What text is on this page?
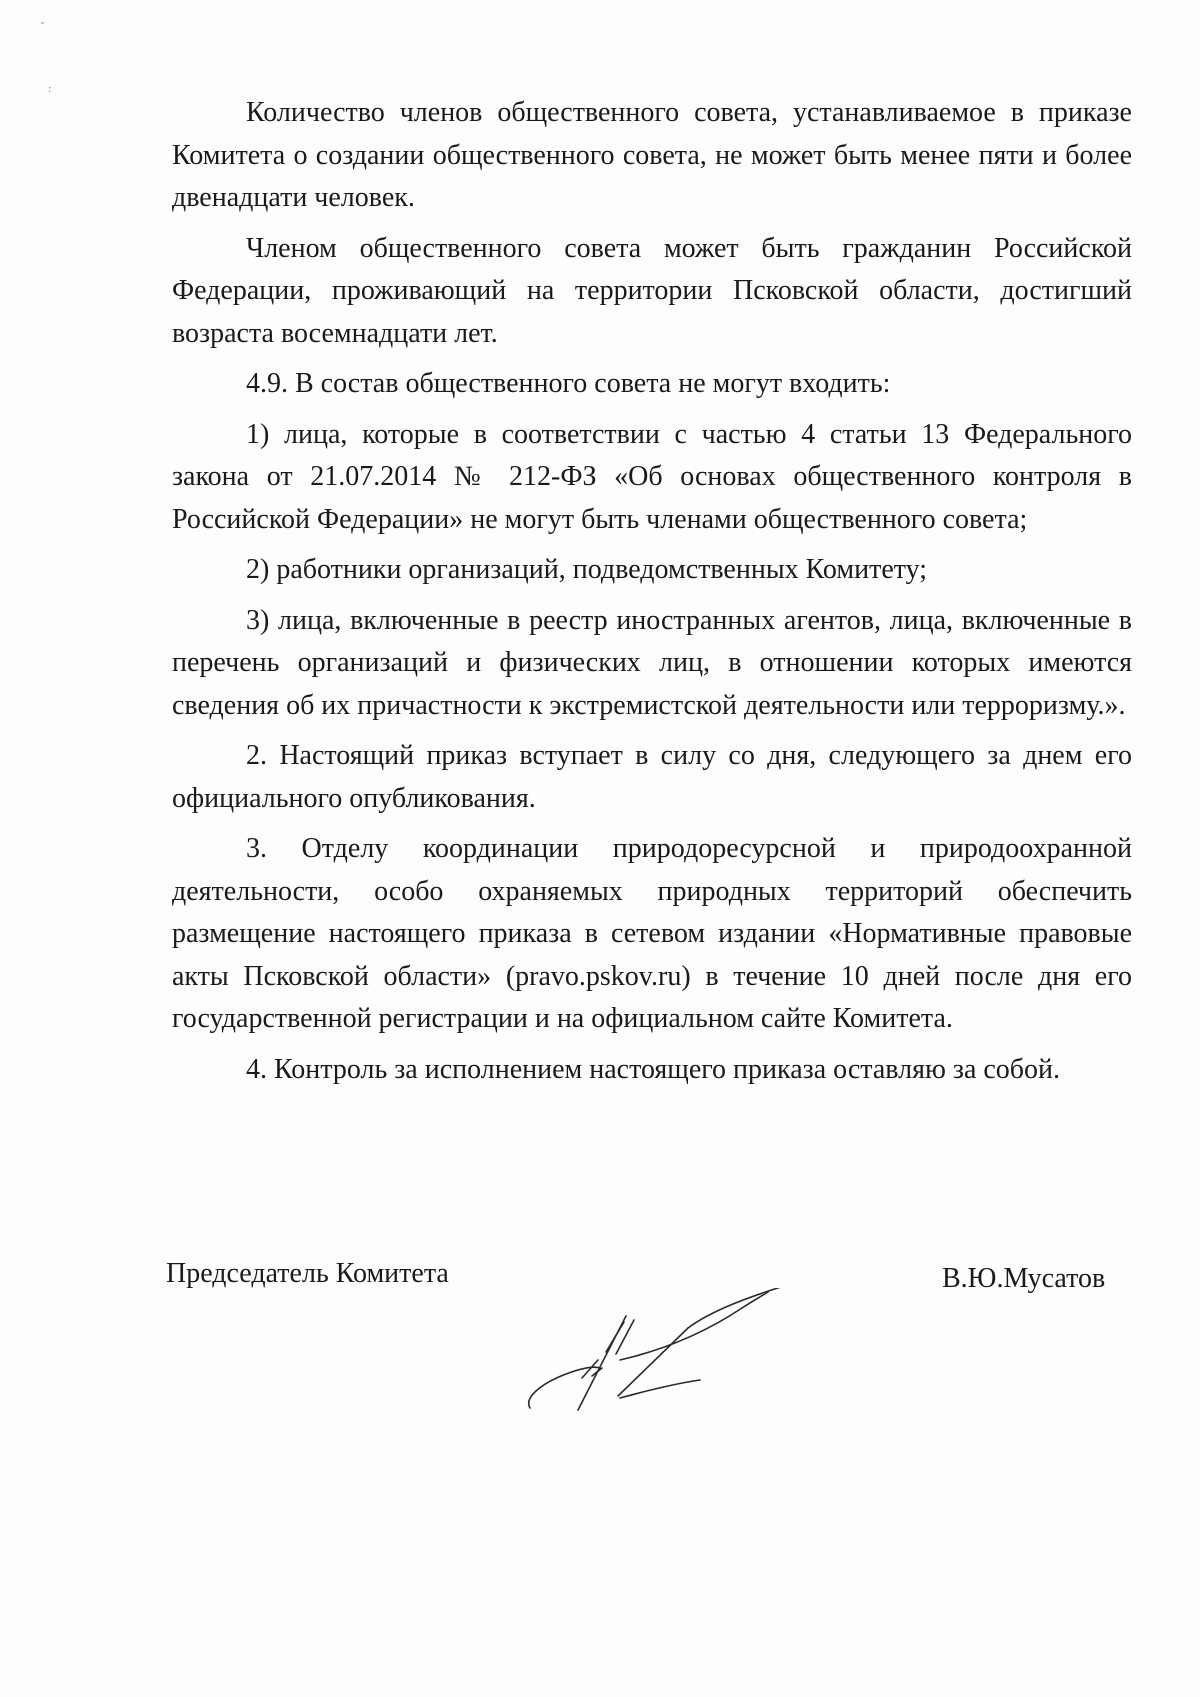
˘
:

Количество членов общественного совета, устанавливаемое в приказе Комитета о создании общественного совета, не может быть менее пяти и более двенадцати человек.

Членом общественного совета может быть гражданин Российской Федерации, проживающий на территории Псковской области, достигший возраста восемнадцати лет.

4.9. В состав общественного совета не могут входить:

1) лица, которые в соответствии с частью 4 статьи 13 Федерального закона от 21.07.2014 № 212-ФЗ «Об основах общественного контроля в Российской Федерации» не могут быть членами общественного совета;

2) работники организаций, подведомственных Комитету;

3) лица, включенные в реестр иностранных агентов, лица, включенные в перечень организаций и физических лиц, в отношении которых имеются сведения об их причастности к экстремистской деятельности или терроризму.».

2. Настоящий приказ вступает в силу со дня, следующего за днем его официального опубликования.

3. Отделу координации природоресурсной и природоохранной деятельности, особо охраняемых природных территорий обеспечить размещение настоящего приказа в сетевом издании «Нормативные правовые акты Псковской области» (pravo.pskov.ru) в течение 10 дней после дня его государственной регистрации и на официальном сайте Комитета.

4. Контроль за исполнением настоящего приказа оставляю за собой.

Председатель Комитета	В.Ю.Мусатов
